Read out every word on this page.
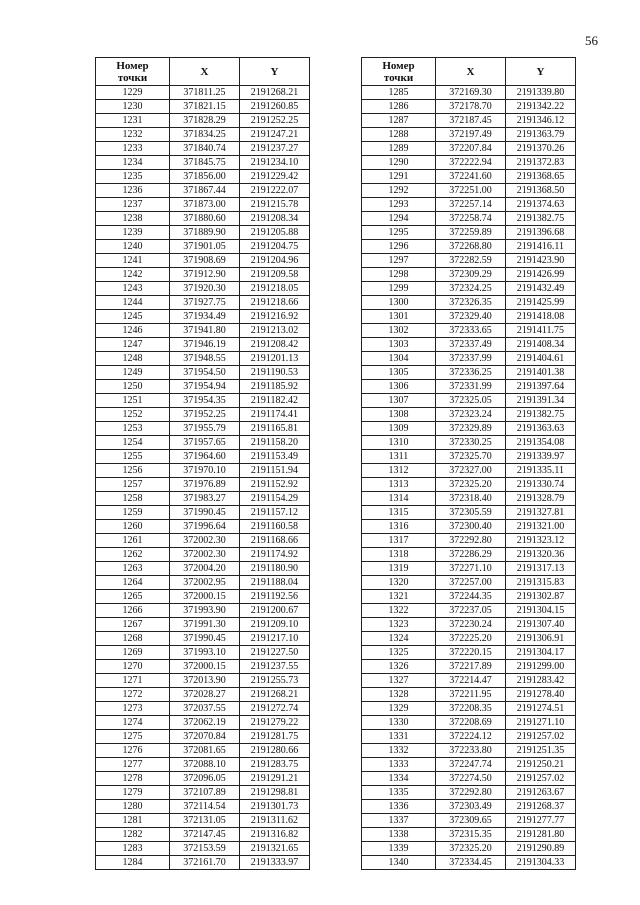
56
Номер точки	X	Y
1229	371811.25	2191268.21
1230	371821.15	2191260.85
1231	371828.29	2191252.25
1232	371834.25	2191247.21
1233	371840.74	2191237.27
1234	371845.75	2191234.10
1235	371856.00	2191229.42
1236	371867.44	2191222.07
1237	371873.00	2191215.78
1238	371880.60	2191208.34
1239	371889.90	2191205.88
1240	371901.05	2191204.75
1241	371908.69	2191204.96
1242	371912.90	2191209.58
1243	371920.30	2191218.05
1244	371927.75	2191218.66
1245	371934.49	2191216.92
1246	371941.80	2191213.02
1247	371946.19	2191208.42
1248	371948.55	2191201.13
1249	371954.50	2191190.53
1250	371954.94	2191185.92
1251	371954.35	2191182.42
1252	371952.25	2191174.41
1253	371955.79	2191165.81
1254	371957.65	2191158.20
1255	371964.60	2191153.49
1256	371970.10	2191151.94
1257	371976.89	2191152.92
1258	371983.27	2191154.29
1259	371990.45	2191157.12
1260	371996.64	2191160.58
1261	372002.30	2191168.66
1262	372002.30	2191174.92
1263	372004.20	2191180.90
1264	372002.95	2191188.04
1265	372000.15	2191192.56
1266	371993.90	2191200.67
1267	371991.30	2191209.10
1268	371990.45	2191217.10
1269	371993.10	2191227.50
1270	372000.15	2191237.55
1271	372013.90	2191255.73
1272	372028.27	2191268.21
1273	372037.55	2191272.74
1274	372062.19	2191279.22
1275	372070.84	2191281.75
1276	372081.65	2191280.66
1277	372088.10	2191283.75
1278	372096.05	2191291.21
1279	372107.89	2191298.81
1280	372114.54	2191301.73
1281	372131.05	2191311.62
1282	372147.45	2191316.82
1283	372153.59	2191321.65
1284	372161.70	2191333.97
Номер точки	X	Y
1285	372169.30	2191339.80
1286	372178.70	2191342.22
1287	372187.45	2191346.12
1288	372197.49	2191363.79
1289	372207.84	2191370.26
1290	372222.94	2191372.83
1291	372241.60	2191368.65
1292	372251.00	2191368.50
1293	372257.14	2191374.63
1294	372258.74	2191382.75
1295	372259.89	2191396.68
1296	372268.80	2191416.11
1297	372282.59	2191423.90
1298	372309.29	2191426.99
1299	372324.25	2191432.49
1300	372326.35	2191425.99
1301	372329.40	2191418.08
1302	372333.65	2191411.75
1303	372337.49	2191408.34
1304	372337.99	2191404.61
1305	372336.25	2191401.38
1306	372331.99	2191397.64
1307	372325.05	2191391.34
1308	372323.24	2191382.75
1309	372329.89	2191363.63
1310	372330.25	2191354.08
1311	372325.70	2191339.97
1312	372327.00	2191335.11
1313	372325.20	2191330.74
1314	372318.40	2191328.79
1315	372305.59	2191327.81
1316	372300.40	2191321.00
1317	372292.80	2191323.12
1318	372286.29	2191320.36
1319	372271.10	2191317.13
1320	372257.00	2191315.83
1321	372244.35	2191302.87
1322	372237.05	2191304.15
1323	372230.24	2191307.40
1324	372225.20	2191306.91
1325	372220.15	2191304.17
1326	372217.89	2191299.00
1327	372214.47	2191283.42
1328	372211.95	2191278.40
1329	372208.35	2191274.51
1330	372208.69	2191271.10
1331	372224.12	2191257.02
1332	372233.80	2191251.35
1333	372247.74	2191250.21
1334	372274.50	2191257.02
1335	372292.80	2191263.67
1336	372303.49	2191268.37
1337	372309.65	2191277.77
1338	372315.35	2191281.80
1339	372325.20	2191290.89
1340	372334.45	2191304.33
